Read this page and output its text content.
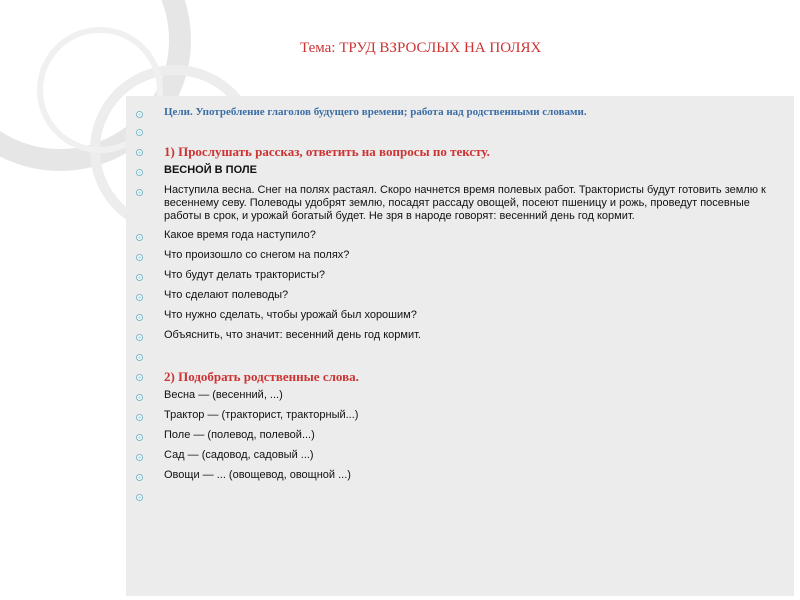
Тема: ТРУД ВЗРОСЛЫХ НА ПОЛЯХ
Цели. Употребление глаголов будущего времени; работа над родственными словами.
1) Прослушать рассказ, ответить на вопросы по тексту.
ВЕСНОЙ В ПОЛЕ
Наступила весна. Снег на полях растаял. Скоро начнется время полевых работ. Трактористы будут готовить землю к весеннему севу. Полеводы удобрят землю, посадят рассаду овощей, посеют пшеницу и рожь, проведут посевные работы в срок, и урожай богатый будет. Не зря в народе говорят: весенний день год кормит.
Какое время года наступило?
Что произошло со снегом на полях?
Что будут делать трактористы?
Что сделают полеводы?
Что нужно сделать, чтобы урожай был хорошим?
Объяснить, что значит: весенний день год кормит.
2) Подобрать родственные слова.
Весна — (весенний, ...)
Трактор — (тракторист, тракторный...)
Поле — (полевод, полевой...)
Сад — (садовод, садовый ...)
Овощи — ... (овощевод, овощной ...)
